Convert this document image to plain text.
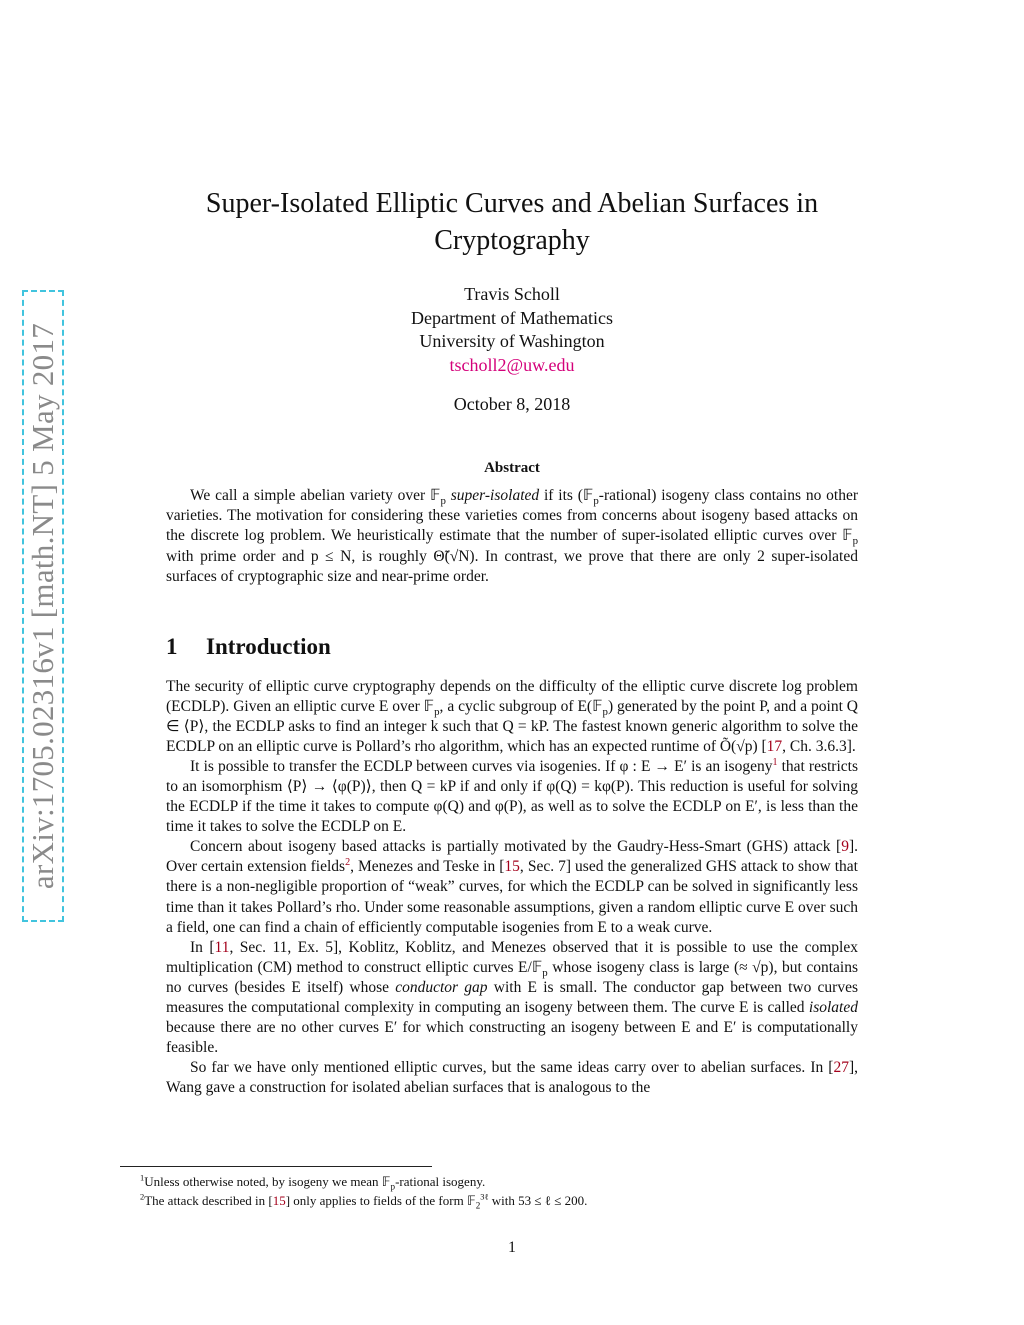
arXiv:1705.02316v1 [math.NT] 5 May 2017
Super-Isolated Elliptic Curves and Abelian Surfaces in Cryptography
Travis Scholl
Department of Mathematics
University of Washington
tscholl2@uw.edu
October 8, 2018
Abstract

We call a simple abelian variety over 𝔽$_p$ super-isolated if its (𝔽$_p$-rational) isogeny class contains no other varieties. The motivation for considering these varieties comes from concerns about isogeny based attacks on the discrete log problem. We heuristically estimate that the number of super-isolated elliptic curves over 𝔽$_p$ with prime order and p ≤ N, is roughly Θ̃(√N). In contrast, we prove that there are only 2 super-isolated surfaces of cryptographic size and near-prime order.

1 Introduction

The security of elliptic curve cryptography depends on the difficulty of the elliptic curve discrete log problem (ECDLP). Given an elliptic curve E over 𝔽$_p$, a cyclic subgroup of E(𝔽$_p$) generated by the point P, and a point Q ∈ ⟨P⟩, the ECDLP asks to find an integer k such that Q = kP. The fastest known generic algorithm to solve the ECDLP on an elliptic curve is Pollard’s rho algorithm, which has an expected runtime of Õ(√p) [17, Ch. 3.6.3].

It is possible to transfer the ECDLP between curves via isogenies. If φ : E → E′ is an isogeny$^1$ that restricts to an isomorphism ⟨P⟩ → ⟨φ(P)⟩, then Q = kP if and only if φ(Q) = kφ(P). This reduction is useful for solving the ECDLP if the time it takes to compute φ(Q) and φ(P), as well as to solve the ECDLP on E′, is less than the time it takes to solve the ECDLP on E.

Concern about isogeny based attacks is partially motivated by the Gaudry-Hess-Smart (GHS) attack [9]. Over certain extension fields$^2$, Menezes and Teske in [15, Sec. 7] used the generalized GHS attack to show that there is a non-negligible proportion of “weak” curves, for which the ECDLP can be solved in significantly less time than it takes Pollard’s rho. Under some reasonable assumptions, given a random elliptic curve E over such a field, one can find a chain of efficiently computable isogenies from E to a weak curve.

In [11, Sec. 11, Ex. 5], Koblitz, Koblitz, and Menezes observed that it is possible to use the complex multiplication (CM) method to construct elliptic curves E/𝔽$_p$ whose isogeny class is large (≈ √p), but contains no curves (besides E itself) whose conductor gap with E is small. The conductor gap between two curves measures the computational complexity in computing an isogeny between them. The curve E is called isolated because there are no other curves E′ for which constructing an isogeny between E and E′ is computationally feasible.

So far we have only mentioned elliptic curves, but the same ideas carry over to abelian surfaces. In [27], Wang gave a construction for isolated abelian surfaces that is analogous to the

$^1$Unless otherwise noted, by isogeny we mean 𝔽$_p$-rational isogeny.
$^2$The attack described in [15] only applies to fields of the form 𝔽$_2^{3\ell}$ with 53 ≤ ℓ ≤ 200.
1
